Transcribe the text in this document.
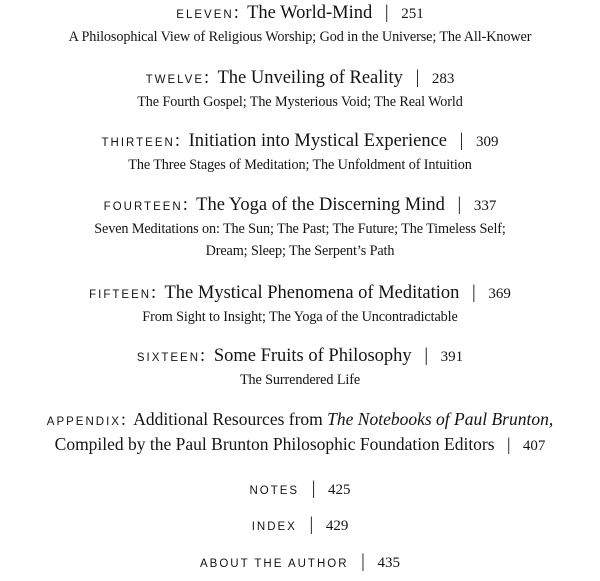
ELEVEN: The World-Mind | 251
A Philosophical View of Religious Worship; God in the Universe; The All-Knower
TWELVE: The Unveiling of Reality | 283
The Fourth Gospel; The Mysterious Void; The Real World
THIRTEEN: Initiation into Mystical Experience | 309
The Three Stages of Meditation; The Unfoldment of Intuition
FOURTEEN: The Yoga of the Discerning Mind | 337
Seven Meditations on: The Sun; The Past; The Future; The Timeless Self;
Dream; Sleep; The Serpent’s Path
FIFTEEN: The Mystical Phenomena of Meditation | 369
From Sight to Insight; The Yoga of the Uncontradictable
SIXTEEN: Some Fruits of Philosophy | 391
The Surrendered Life
APPENDIX: Additional Resources from The Notebooks of Paul Brunton,
Compiled by the Paul Brunton Philosophic Foundation Editors | 407
NOTES | 425
INDEX | 429
ABOUT THE AUTHOR | 435
